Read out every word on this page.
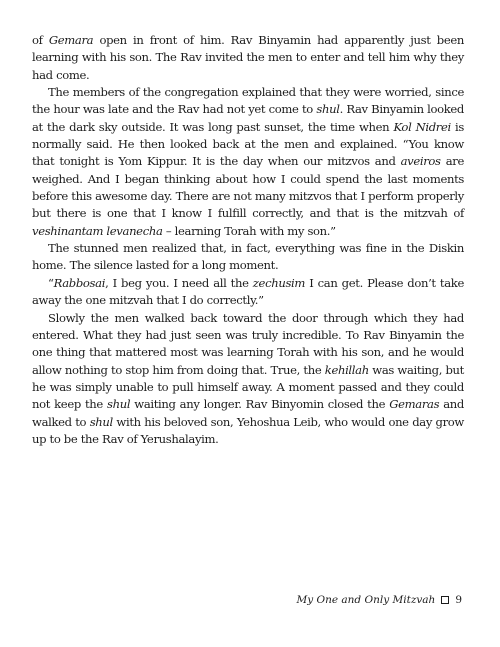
of Gemara open in front of him. Rav Binyamin had apparently just been learning with his son. The Rav invited the men to enter and tell him why they had come.

The members of the congregation explained that they were worried, since the hour was late and the Rav had not yet come to shul. Rav Binyamin looked at the dark sky outside. It was long past sunset, the time when Kol Nidrei is normally said. He then looked back at the men and explained. “You know that tonight is Yom Kippur. It is the day when our mitzvos and aveiros are weighed. And I began thinking about how I could spend the last moments before this awesome day. There are not many mitzvos that I perform properly but there is one that I know I fulfill correctly, and that is the mitzvah of veshinantam levanecha – learning Torah with my son.”

The stunned men realized that, in fact, everything was fine in the Diskin home. The silence lasted for a long moment.

“Rabbosai, I beg you. I need all the zechusim I can get. Please don’t take away the one mitzvah that I do correctly.”

Slowly the men walked back toward the door through which they had entered. What they had just seen was truly incredible. To Rav Binyamin the one thing that mattered most was learning Torah with his son, and he would allow nothing to stop him from doing that. True, the kehillah was waiting, but he was simply unable to pull himself away. A moment passed and they could not keep the shul waiting any longer. Rav Binyomin closed the Gemaras and walked to shul with his beloved son, Yehoshua Leib, who would one day grow up to be the Rav of Yerushalayim.

My One and Only Mitzvah 9
